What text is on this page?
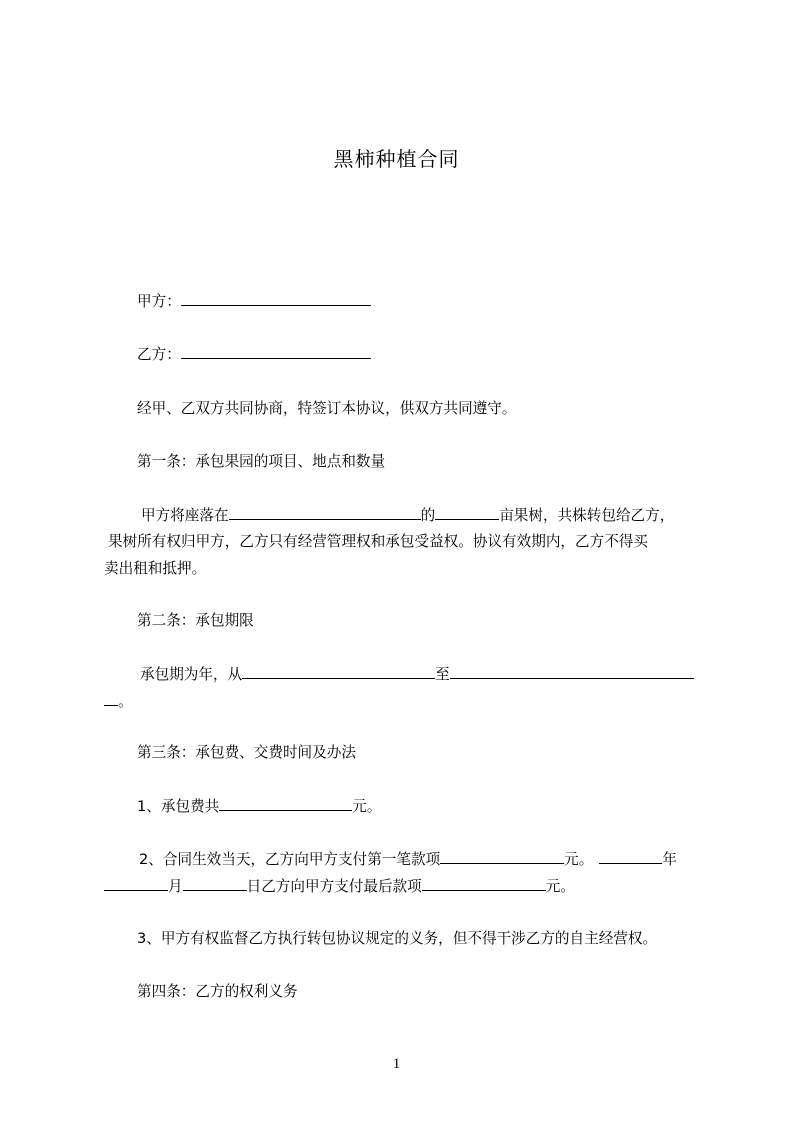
黑柿种植合同
甲方：
乙方：
经甲、乙双方共同协商，特签订本协议，供双方共同遵守。
第一条：承包果园的项目、地点和数量
甲方将座落在	的	亩果树，共株转包给乙方，
果树所有权归甲方，乙方只有经营管理权和承包受益权。协议有效期内，乙方不得买
卖出租和抵押。
第二条：承包期限
承包期为年，从	至
。
第三条：承包费、交费时间及办法
1、承包费共	元。
2、合同生效当天，乙方向甲方支付第一笔款项	元。	年
月	日乙方向甲方支付最后款项	元。
3、甲方有权监督乙方执行转包协议规定的义务，但不得干涉乙方的自主经营权。
第四条：乙方的权利义务
1
